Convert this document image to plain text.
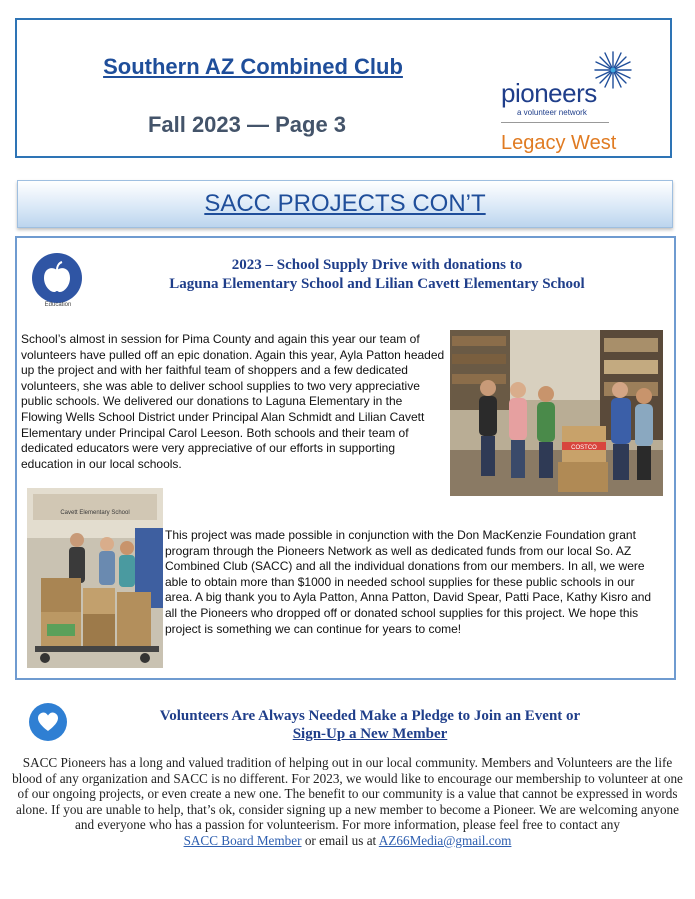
Southern AZ Combined Club
Fall 2023 — Page 3
pioneers
a volunteer network
Legacy West
SACC PROJECTS CON’T
Education
2023 – School Supply Drive with donations to
Laguna Elementary School and Lilian Cavett Elementary School
School’s almost in session for Pima County and again this year our team of volunteers have pulled off an epic donation. Again this year, Ayla Patton headed up the project and with her faithful team of shoppers and a few dedicated volunteers, she was able to deliver school supplies to two very appreciative public schools. We delivered our donations to Laguna Elementary in the Flowing Wells School District under Principal Alan Schmidt and Lilian Cavett Elementary under Principal Carol Leeson. Both schools and their team of dedicated educators were very appreciative of our efforts in supporting education in our local schools.
COSTCO
Cavett Elementary School
This project was made possible in conjunction with the Don MacKenzie Foundation grant program through the Pioneers Network as well as dedicated funds from our local So. AZ Combined Club (SACC) and all the individual donations from our members. In all, we were able to obtain more than $1000 in needed school supplies for these public schools in our area. A big thank you to Ayla Patton, Anna Patton, David Spear, Patti Pace, Kathy Kisro and all the Pioneers who dropped off or donated school supplies for this project. We hope this project is something we can continue for years to come!
Volunteers Are Always Needed Make a Pledge to Join an Event or
Sign-Up a New Member
SACC Pioneers has a long and valued tradition of helping out in our local community. Members and Volunteers are the life blood of any organization and SACC is no different. For 2023, we would like to encourage our membership to volunteer at one of our ongoing projects, or even create a new one. The benefit to our community is a value that cannot be expressed in words alone. If you are unable to help, that’s ok, consider signing up a new member to become a Pioneer. We are welcoming anyone and everyone who has a passion for volunteerism. For more information, please feel free to contact any
SACC Board Member or email us at AZ66Media@gmail.com
